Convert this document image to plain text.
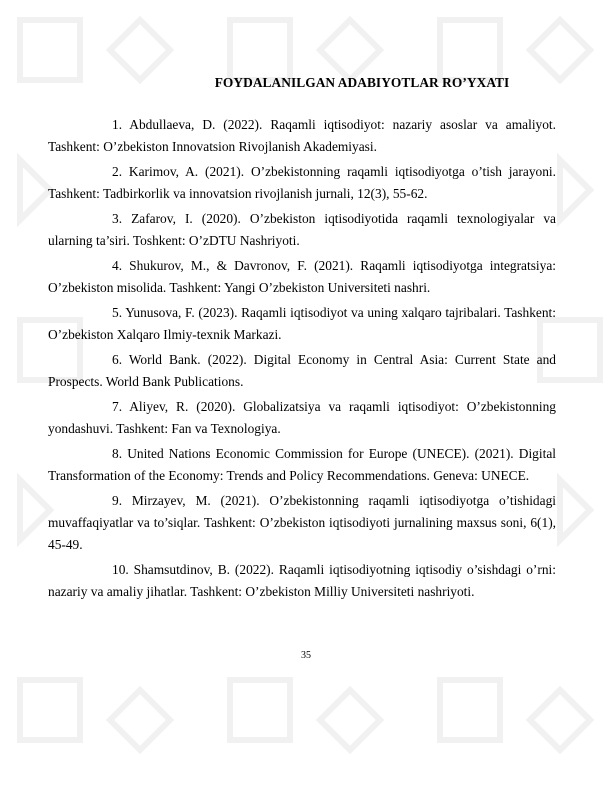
FOYDALANILGAN ADABIYOTLAR RO’YXATI

1. Abdullaeva, D. (2022). Raqamli iqtisodiyot: nazariy asoslar va amaliyot. Tashkent: O’zbekiston Innovatsion Rivojlanish Akademiyasi.

2. Karimov, A. (2021). O’zbekistonning raqamli iqtisodiyotga o’tish jarayoni. Tashkent: Tadbirkorlik va innovatsion rivojlanish jurnali, 12(3), 55-62.

3. Zafarov, I. (2020). O’zbekiston iqtisodiyotida raqamli texnologiyalar va ularning ta’siri. Toshkent: O’zDTU Nashriyoti.

4. Shukurov, M., & Davronov, F. (2021). Raqamli iqtisodiyotga integratsiya: O’zbekiston misolida. Tashkent: Yangi O’zbekiston Universiteti nashri.

5. Yunusova, F. (2023). Raqamli iqtisodiyot va uning xalqaro tajribalari. Tashkent: O’zbekiston Xalqaro Ilmiy-texnik Markazi.

6. World Bank. (2022). Digital Economy in Central Asia: Current State and Prospects. World Bank Publications.

7. Aliyev, R. (2020). Globalizatsiya va raqamli iqtisodiyot: O’zbekistonning yondashuvi. Tashkent: Fan va Texnologiya.

8. United Nations Economic Commission for Europe (UNECE). (2021). Digital Transformation of the Economy: Trends and Policy Recommendations. Geneva: UNECE.

9. Mirzayev, M. (2021). O’zbekistonning raqamli iqtisodiyotga o’tishidagi muvaffaqiyatlar va to’siqlar. Tashkent: O’zbekiston iqtisodiyoti jurnalining maxsus soni, 6(1), 45-49.

10. Shamsutdinov, B. (2022). Raqamli iqtisodiyotning iqtisodiy o’sishdagi o’rni: nazariy va amaliy jihatlar. Tashkent: O’zbekiston Milliy Universiteti nashriyoti.

35
